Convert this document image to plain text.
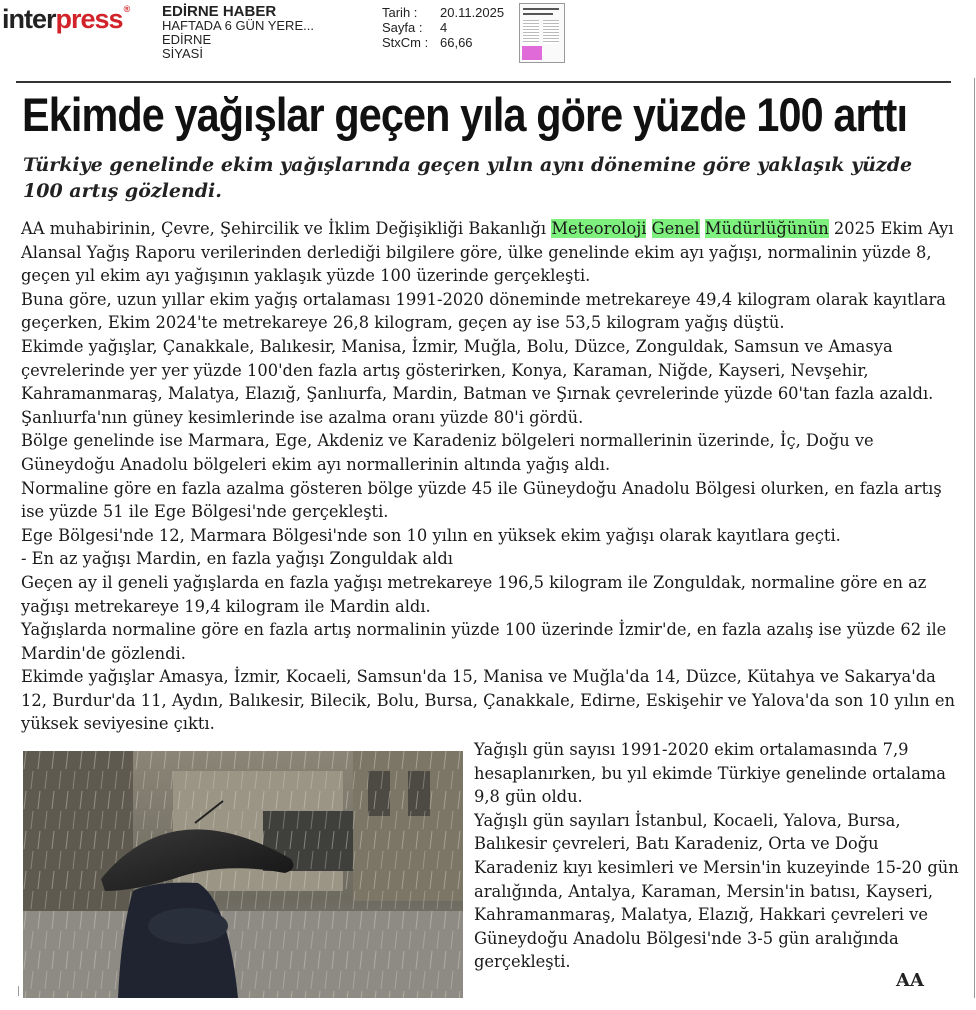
interpress® EDİRNE HABER
HAFTADA 6 GÜN YERE...
EDİRNE
SİYASİ
Tarih :	20.11.2025
Sayfa :	4
StxCm : 66,66
Ekimde yağışlar geçen yıla göre yüzde 100 arttı

Türkiye genelinde ekim yağışlarında geçen yılın aynı dönemine göre yaklaşık yüzde 100 artış gözlendi.

AA muhabirinin, Çevre, Şehircilik ve İklim Değişikliği Bakanlığı Meteoroloji Genel Müdürlüğünün 2025 Ekim Ayı Alansal Yağış Raporu verilerinden derlediği bilgilere göre, ülke genelinde ekim ayı yağışı, normalinin yüzde 8, geçen yıl ekim ayı yağışının yaklaşık yüzde 100 üzerinde gerçekleşti.

Buna göre, uzun yıllar ekim yağış ortalaması 1991-2020 döneminde metrekareye 49,4 kilogram olarak kayıtlara geçerken, Ekim 2024'te metrekareye 26,8 kilogram, geçen ay ise 53,5 kilogram yağış düştü.

Ekimde yağışlar, Çanakkale, Balıkesir, Manisa, İzmir, Muğla, Bolu, Düzce, Zonguldak, Samsun ve Amasya çevrelerinde yer yer yüzde 100'den fazla artış gösterirken, Konya, Karaman, Niğde, Kayseri, Nevşehir, Kahramanmaraş, Malatya, Elazığ, Şanlıurfa, Mardin, Batman ve Şırnak çevrelerinde yüzde 60'tan fazla azaldı. Şanlıurfa'nın güney kesimlerinde ise azalma oranı yüzde 80'i gördü.

Bölge genelinde ise Marmara, Ege, Akdeniz ve Karadeniz bölgeleri normallerinin üzerinde, İç, Doğu ve Güneydoğu Anadolu bölgeleri ekim ayı normallerinin altında yağış aldı.

Normaline göre en fazla azalma gösteren bölge yüzde 45 ile Güneydoğu Anadolu Bölgesi olurken, en fazla artış ise yüzde 51 ile Ege Bölgesi'nde gerçekleşti.

Ege Bölgesi'nde 12, Marmara Bölgesi'nde son 10 yılın en yüksek ekim yağışı olarak kayıtlara geçti.

- En az yağışı Mardin, en fazla yağışı Zonguldak aldı

Geçen ay il geneli yağışlarda en fazla yağışı metrekareye 196,5 kilogram ile Zonguldak, normaline göre en az yağışı metrekareye 19,4 kilogram ile Mardin aldı.

Yağışlarda normaline göre en fazla artış normalinin yüzde 100 üzerinde İzmir'de, en fazla azalış ise yüzde 62 ile Mardin'de gözlendi.

Ekimde yağışlar Amasya, İzmir, Kocaeli, Samsun'da 15, Manisa ve Muğla'da 14, Düzce, Kütahya ve Sakarya'da 12, Burdur'da 11, Aydın, Balıkesir, Bilecik, Bolu, Bursa, Çanakkale, Edirne, Eskişehir ve Yalova'da son 10 yılın en yüksek seviyesine çıktı.

Yağışlı gün sayısı 1991-2020 ekim ortalamasında 7,9 hesaplanırken, bu yıl ekimde Türkiye genelinde ortalama 9,8 gün oldu.

Yağışlı gün sayıları İstanbul, Kocaeli, Yalova, Bursa, Balıkesir çevreleri, Batı Karadeniz, Orta ve Doğu Karadeniz kıyı kesimleri ve Mersin'in kuzeyinde 15-20 gün aralığında, Antalya, Karaman, Mersin'in batısı, Kayseri, Kahramanmaraş, Malatya, Elazığ, Hakkari çevreleri ve Güneydoğu Anadolu Bölgesi'nde 3-5 gün aralığında gerçekleşti.

AA
